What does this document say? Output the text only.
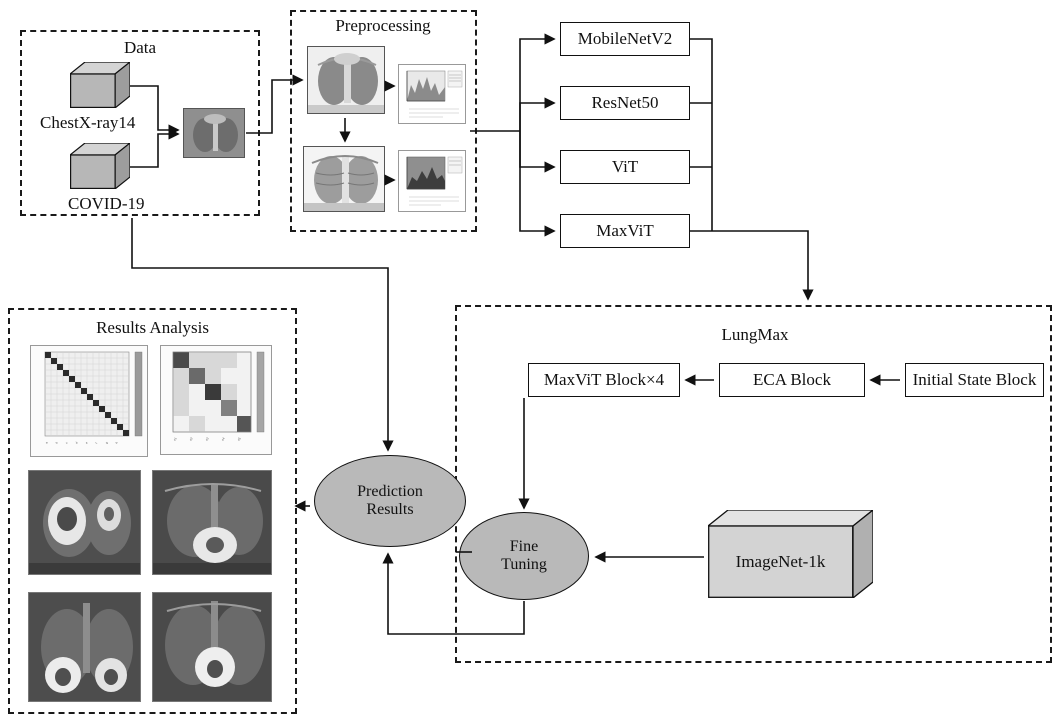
Data
Preprocessing
Results Analysis	LungMax
ChestX-ray14
COVID-19
MobileNetV2
ResNet50
ViT
MaxViT
Initial State Block
ECA Block
MaxViT Block×4
ImageNet-1k
Prediction
Results
Fine
Tuning
a b c d e f g h
c1	c2	c3	c4	c5
